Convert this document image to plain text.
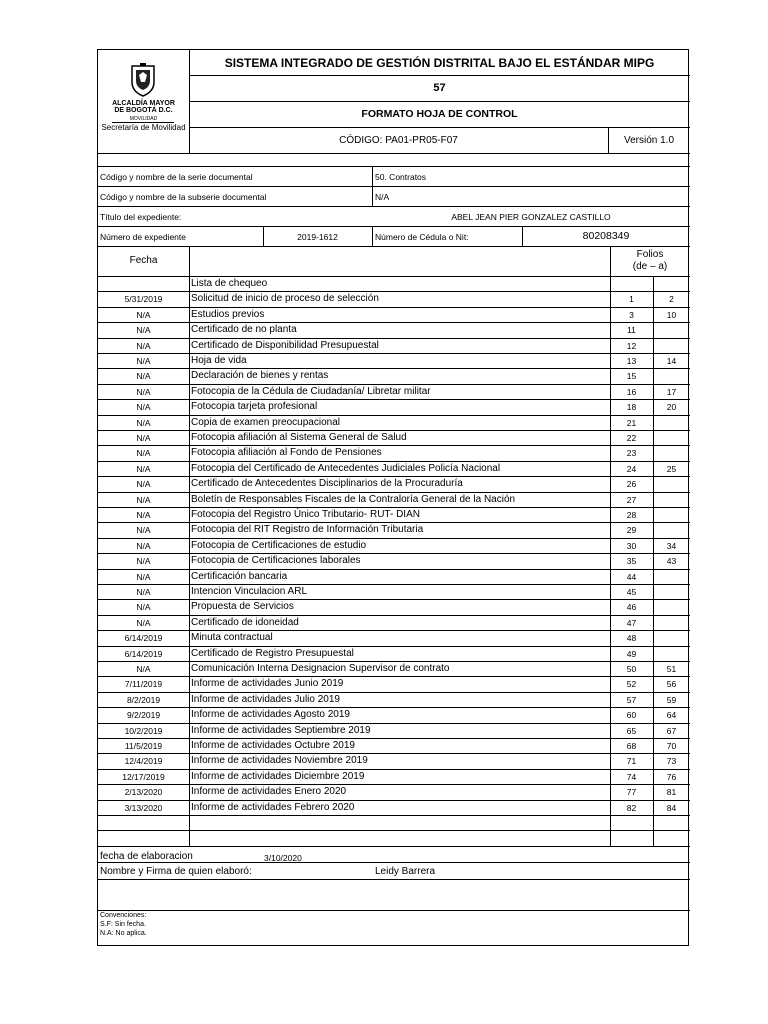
ALCALDÍA MAYOR
DE BOGOTÁ D.C.
MOVILIDAD
Secretaría de Movilidad
SISTEMA INTEGRADO DE GESTIÓN DISTRITAL BAJO EL ESTÁNDAR MIPG
57
FORMATO HOJA DE CONTROL
CÓDIGO: PA01-PR05-F07	Versión 1.0
Código y nombre de la serie documental	50. Contratos
Código y nombre de la subserie documental	N/A
Título del expediente:	ABEL JEAN PIER GONZALEZ CASTILLO
Número de expediente	2019-1612	Número de Cédula o Nit:	80208349
Fecha
Folios
(de – a)
Lista de chequeo
5/31/2019	Solicitud de inicio de proceso de selección	1	2
N/A	Estudios previos	3	10
N/A	Certificado de no planta	11
N/A	Certificado de Disponibilidad Presupuestal	12
N/A	Hoja de vida	13	14
N/A	Declaración de bienes y rentas	15
N/A	Fotocopia de la Cédula de Ciudadanía/ Libretar militar	16	17
N/A	Fotocopia tarjeta profesional	18	20
N/A	Copia de examen preocupacional	21
N/A	Fotocopia afiliación al Sistema General de Salud	22
N/A	Fotocopia afiliación al Fondo de Pensiones	23
N/A	Fotocopia del Certificado de Antecedentes Judiciales Policía Nacional	24	25
N/A	Certificado de Antecedentes Disciplinarios de la Procuraduría	26
N/A	Boletín de Responsables Fiscales de la Contraloría General de la Nación	27
N/A	Fotocopia del Registro Único Tributario- RUT- DIAN	28
N/A	Fotocopia del RIT Registro de Información Tributaria	29
N/A	Fotocopia de Certificaciones de estudio	30	34
N/A	Fotocopia de Certificaciones laborales	35	43
N/A	Certificación bancaria	44
N/A	Intencion Vinculacion ARL	45
N/A	Propuesta de Servicios	46
N/A	Certificado de idoneidad	47
6/14/2019	Minuta contractual	48
6/14/2019	Certificado de Registro Presupuestal	49
N/A	Comunicación Interna Designacion Supervisor de contrato	50	51
7/11/2019	Informe de actividades Junio 2019	52	56
8/2/2019	Informe de actividades Julio 2019	57	59
9/2/2019	Informe de actividades Agosto 2019	60	64
10/2/2019	Informe de actividades Septiembre 2019	65	67
11/5/2019	Informe de actividades Octubre 2019	68	70
12/4/2019	Informe de actividades Noviembre 2019	71	73
12/17/2019	Informe de actividades Diciembre 2019	74	76
2/13/2020	Informe de actividades Enero 2020	77	81
3/13/2020	Informe de actividades Febrero 2020	82	84
fecha de elaboracion	3/10/2020
Nombre y Firma de quien elaboró:	Leidy Barrera
Convenciones:
S.F: Sin fecha.
N.A: No aplica.
